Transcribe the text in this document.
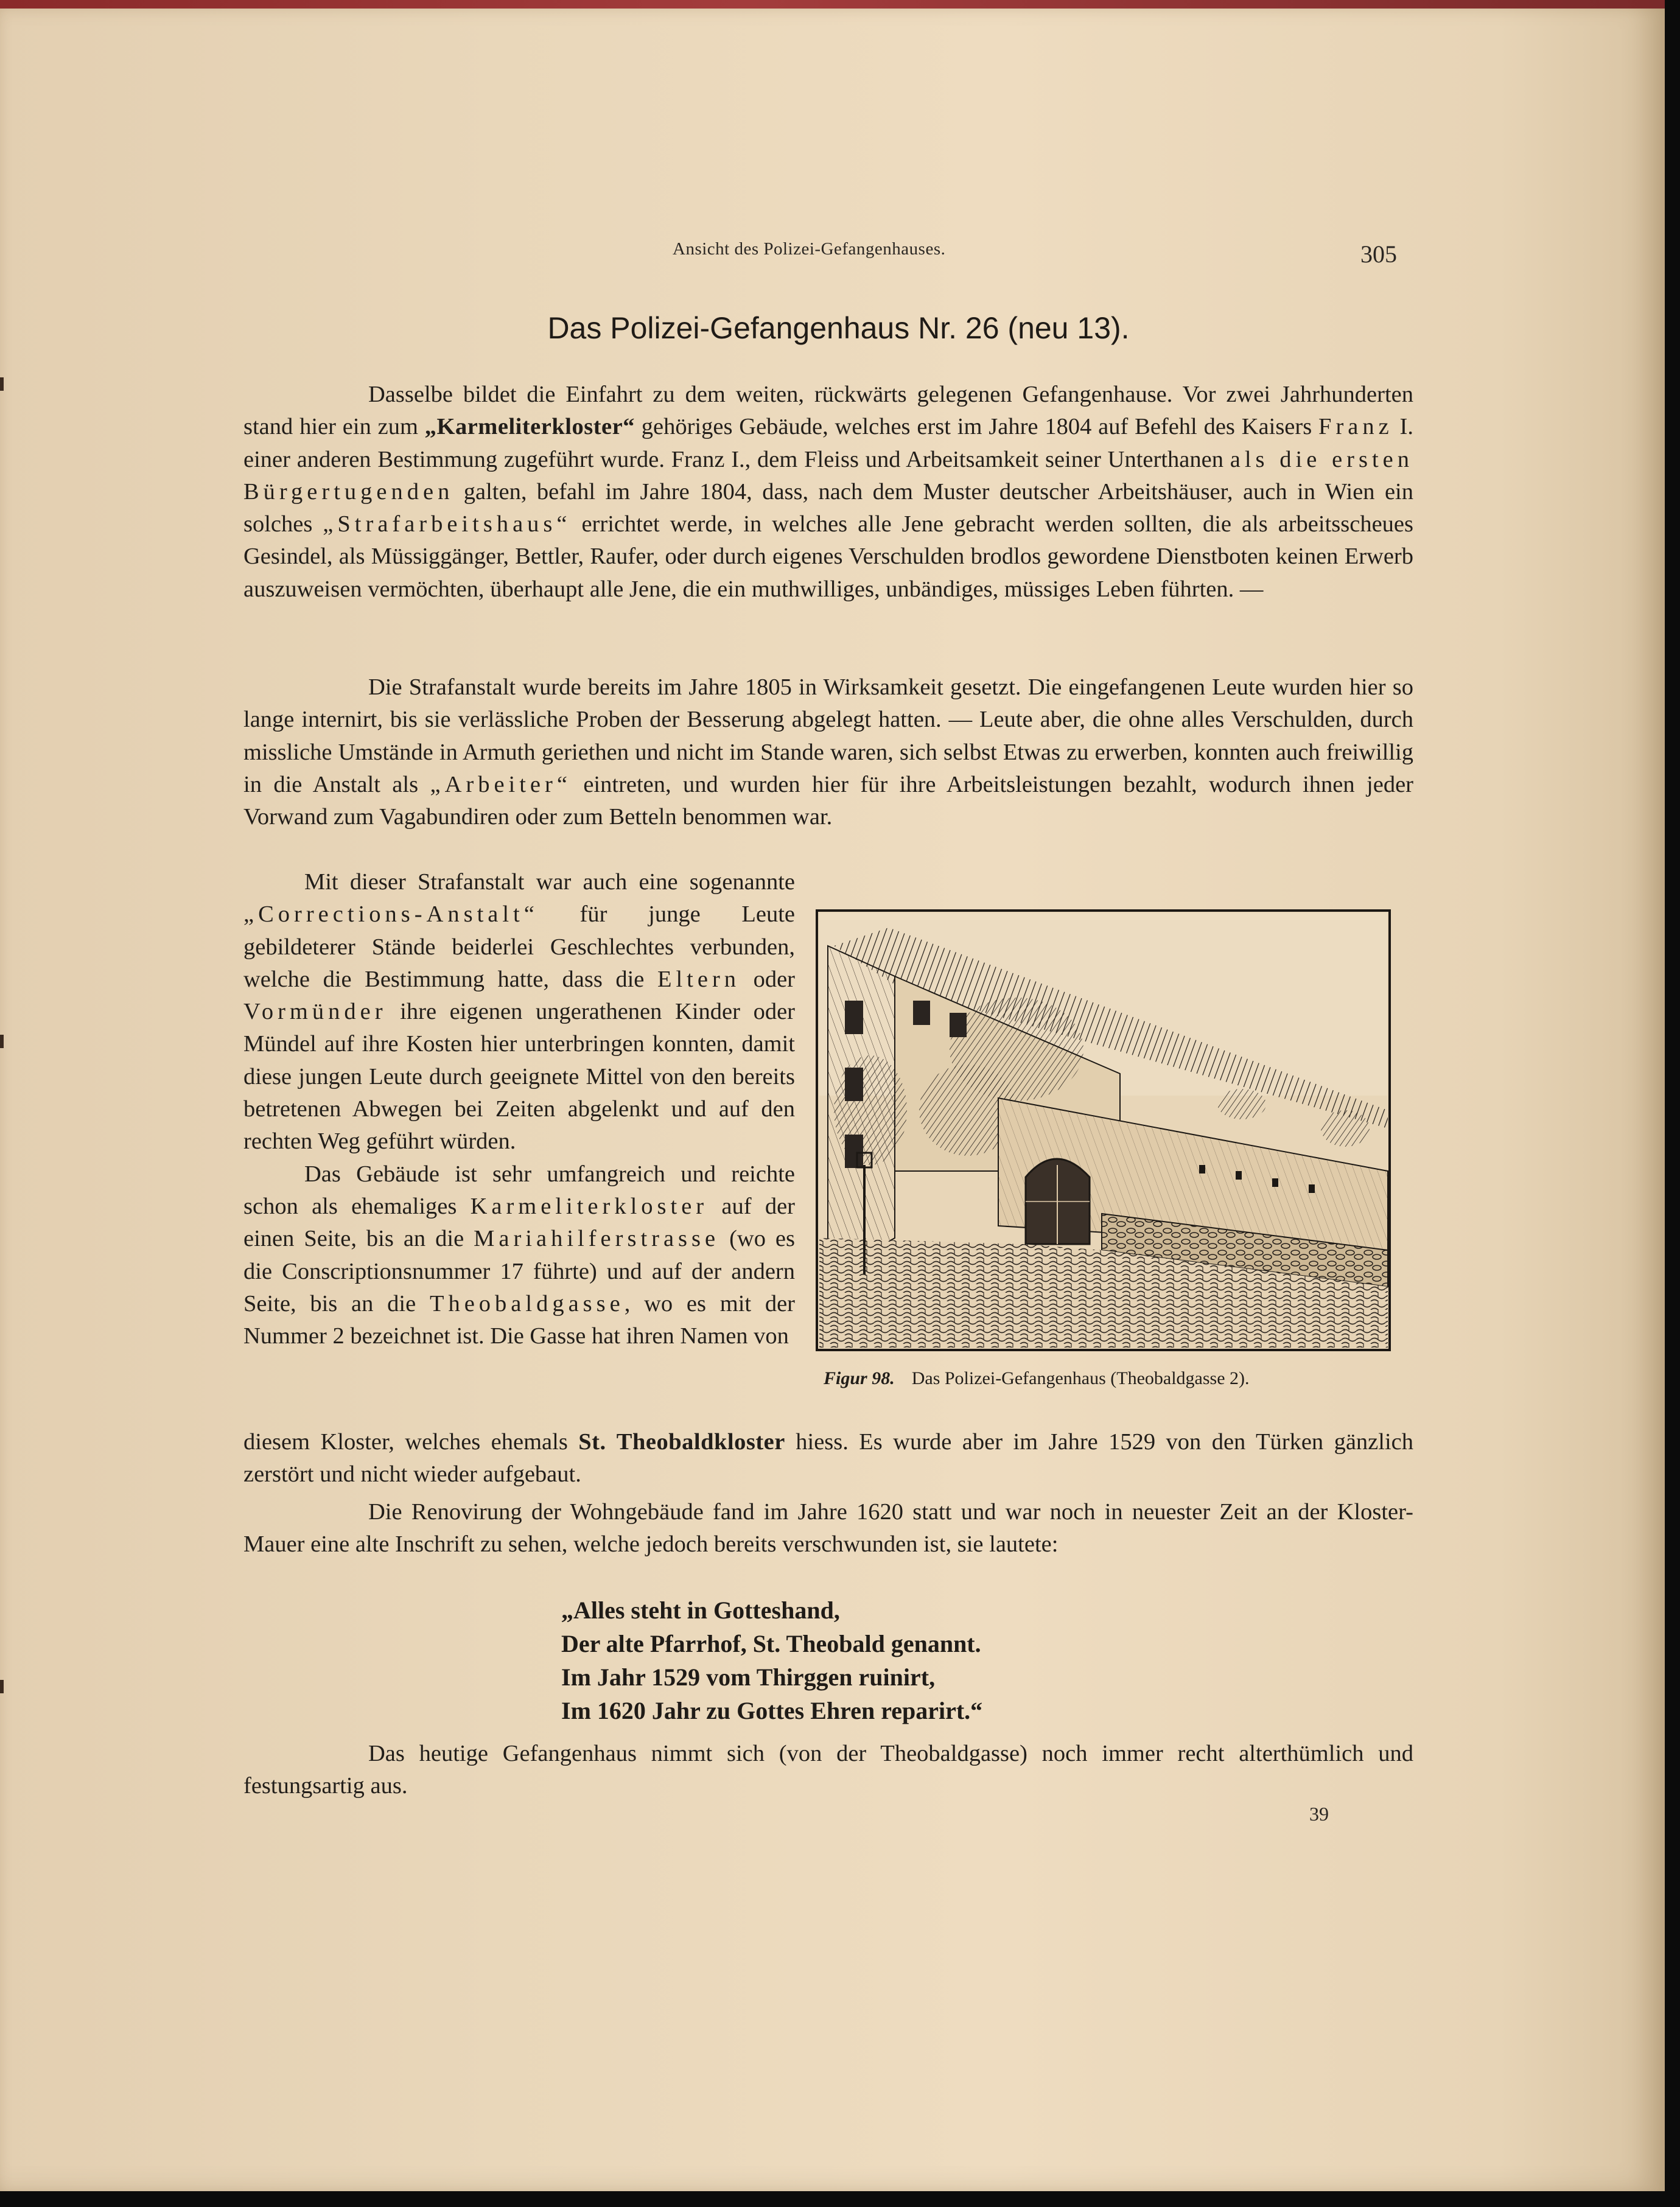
Ansicht des Polizei-Gefangenhauses.	305
Das Polizei-Gefangenhaus Nr. 26 (neu 13).

Dasselbe bildet die Einfahrt zu dem weiten, rückwärts gelegenen Gefangenhause. Vor zwei Jahrhunderten stand hier ein zum „Karmeliterkloster“ gehöriges Gebäude, welches erst im Jahre 1804 auf Befehl des Kaisers Franz I. einer anderen Bestimmung zugeführt wurde. Franz I., dem Fleiss und Arbeitsamkeit seiner Unterthanen als die ersten Bürgertugenden galten, befahl im Jahre 1804, dass, nach dem Muster deutscher Arbeitshäuser, auch in Wien ein solches „Strafarbeitshaus“ errichtet werde, in welches alle Jene gebracht werden sollten, die als arbeitsscheues Gesindel, als Müssiggänger, Bettler, Raufer, oder durch eigenes Verschulden brodlos gewordene Dienstboten keinen Erwerb auszuweisen vermöchten, überhaupt alle Jene, die ein muthwilliges, unbändiges, müssiges Leben führten. —

Die Strafanstalt wurde bereits im Jahre 1805 in Wirksamkeit gesetzt. Die eingefangenen Leute wurden hier so lange internirt, bis sie verlässliche Proben der Besserung abgelegt hatten. — Leute aber, die ohne alles Verschulden, durch missliche Umstände in Armuth geriethen und nicht im Stande waren, sich selbst Etwas zu erwerben, konnten auch freiwillig in die Anstalt als „Arbeiter“ eintreten, und wurden hier für ihre Arbeitsleistungen bezahlt, wodurch ihnen jeder Vorwand zum Vagabundiren oder zum Betteln benommen war.

Mit dieser Strafanstalt war auch eine sogenannte „Corrections-Anstalt“ für junge Leute gebildeterer Stände beiderlei Geschlechtes verbunden, welche die Bestimmung hatte, dass die Eltern oder Vormünder ihre eigenen ungerathenen Kinder oder Mündel auf ihre Kosten hier unterbringen konnten, damit diese jungen Leute durch geeignete Mittel von den bereits betretenen Abwegen bei Zeiten abgelenkt und auf den rechten Weg geführt würden.

Das Gebäude ist sehr umfangreich und reichte schon als ehemaliges Karmeliterkloster auf der einen Seite, bis an die Mariahilferstrasse (wo es die Conscriptionsnummer 17 führte) und auf der andern Seite, bis an die Theobaldgasse, wo es mit der Nummer 2 bezeichnet ist. Die Gasse hat ihren Namen von

diesem Kloster, welches ehemals St. Theobaldkloster hiess. Es wurde aber im Jahre 1529 von den Türken gänzlich zerstört und nicht wieder aufgebaut.

Die Renovirung der Wohngebäude fand im Jahre 1620 statt und war noch in neuester Zeit an der Kloster-Mauer eine alte Inschrift zu sehen, welche jedoch bereits verschwunden ist, sie lautete:

„Alles steht in Gotteshand,
Der alte Pfarrhof, St. Theobald genannt.
Im Jahr 1529 vom Thirggen ruinirt,
Im 1620 Jahr zu Gottes Ehren reparirt.“

Das heutige Gefangenhaus nimmt sich (von der Theobaldgasse) noch immer recht alterthümlich und festungsartig aus.

39
Figur 98. Das Polizei-Gefangenhaus (Theobaldgasse 2).
